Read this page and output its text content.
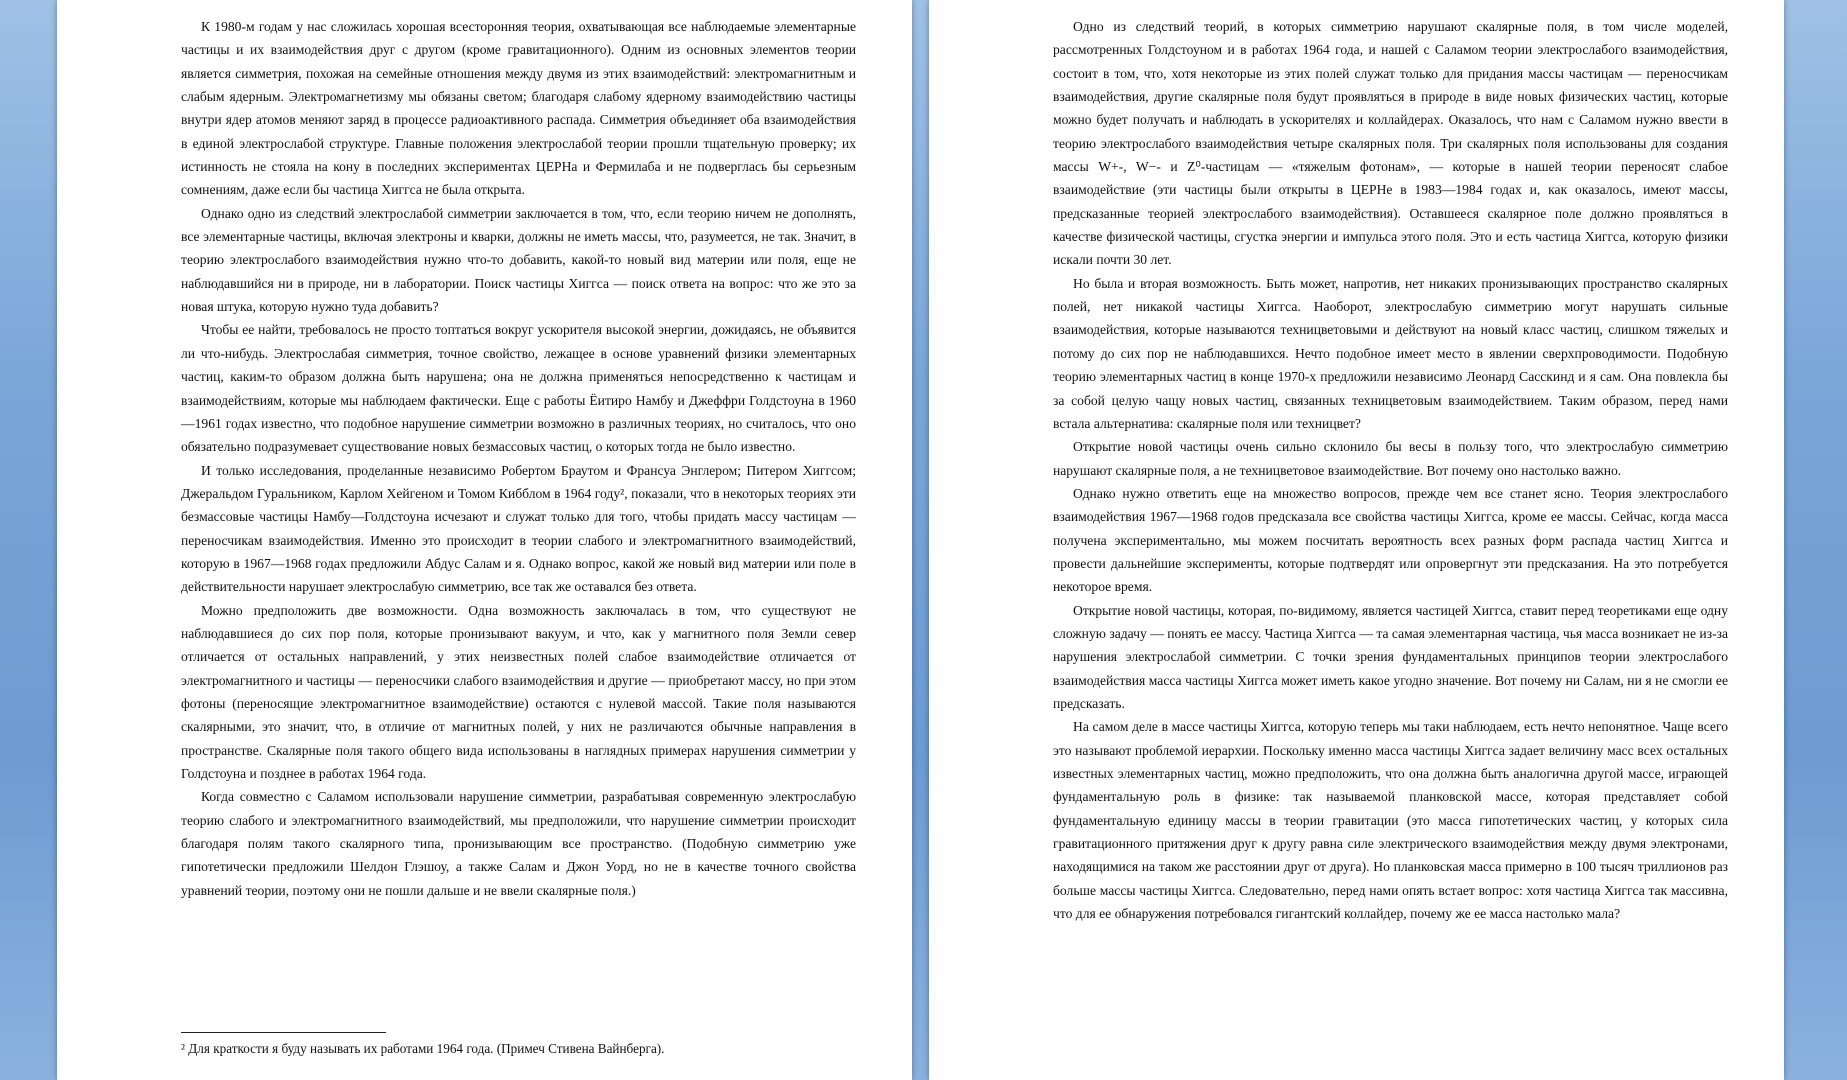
К 1980-м годам у нас сложилась хорошая всесторонняя теория, охватывающая все наблюдаемые элементарные частицы и их взаимодействия друг с другом (кроме гравитационного). Одним из основных элементов теории является симметрия, похожая на семейные отношения между двумя из этих взаимодействий: электромагнитным и слабым ядерным. Электромагнетизму мы обязаны светом; благодаря слабому ядерному взаимодействию частицы внутри ядер атомов меняют заряд в процессе радиоактивного распада. Симметрия объединяет оба взаимодействия в единой электрослабой структуре. Главные положения электрослабой теории прошли тщательную проверку; их истинность не стояла на кону в последних экспериментах ЦЕРНа и Фермилаба и не подверглась бы серьезным сомнениям, даже если бы частица Хиггса не была открыта.

Однако одно из следствий электрослабой симметрии заключается в том, что, если теорию ничем не дополнять, все элементарные частицы, включая электроны и кварки, должны не иметь массы, что, разумеется, не так. Значит, в теорию электрослабого взаимодействия нужно что-то добавить, какой-то новый вид материи или поля, еще не наблюдавшийся ни в природе, ни в лаборатории. Поиск частицы Хиггса — поиск ответа на вопрос: что же это за новая штука, которую нужно туда добавить?

Чтобы ее найти, требовалось не просто топтаться вокруг ускорителя высокой энергии, дожидаясь, не объявится ли что-нибудь. Электрослабая симметрия, точное свойство, лежащее в основе уравнений физики элементарных частиц, каким-то образом должна быть нарушена; она не должна применяться непосредственно к частицам и взаимодействиям, которые мы наблюдаем фактически. Еще с работы Ёитиро Намбу и Джеффри Голдстоуна в 1960—1961 годах известно, что подобное нарушение симметрии возможно в различных теориях, но считалось, что оно обязательно подразумевает существование новых безмассовых частиц, о которых тогда не было известно.

И только исследования, проделанные независимо Робертом Браутом и Франсуа Энглером; Питером Хиггсом; Джеральдом Гуральником, Карлом Хейгеном и Томом Кибблом в 1964 году², показали, что в некоторых теориях эти безмассовые частицы Намбу—Голдстоуна исчезают и служат только для того, чтобы придать массу частицам — переносчикам взаимодействия. Именно это происходит в теории слабого и электромагнитного взаимодействий, которую в 1967—1968 годах предложили Абдус Салам и я. Однако вопрос, какой же новый вид материи или поле в действительности нарушает электрослабую симметрию, все так же оставался без ответа.

Можно предположить две возможности. Одна возможность заключалась в том, что существуют не наблюдавшиеся до сих пор поля, которые пронизывают вакуум, и что, как у магнитного поля Земли север отличается от остальных направлений, у этих неизвестных полей слабое взаимодействие отличается от электромагнитного и частицы — переносчики слабого взаимодействия и другие — приобретают массу, но при этом фотоны (переносящие электромагнитное взаимодействие) остаются с нулевой массой. Такие поля называются скалярными, это значит, что, в отличие от магнитных полей, у них не различаются обычные направления в пространстве. Скалярные поля такого общего вида использованы в наглядных примерах нарушения симметрии у Голдстоуна и позднее в работах 1964 года.

Когда совместно с Саламом использовали нарушение симметрии, разрабатывая современную электрослабую теорию слабого и электромагнитного взаимодействий, мы предположили, что нарушение симметрии происходит благодаря полям такого скалярного типа, пронизывающим все пространство. (Подобную симметрию уже гипотетически предложили Шелдон Глэшоу, а также Салам и Джон Уорд, но не в качестве точного свойства уравнений теории, поэтому они не пошли дальше и не ввели скалярные поля.)

² Для краткости я буду называть их работами 1964 года. (Примеч Стивена Вайнберга).

Одно из следствий теорий, в которых симметрию нарушают скалярные поля, в том числе моделей, рассмотренных Голдстоуном и в работах 1964 года, и нашей с Саламом теории электрослабого взаимодействия, состоит в том, что, хотя некоторые из этих полей служат только для придания массы частицам — переносчикам взаимодействия, другие скалярные поля будут проявляться в природе в виде новых физических частиц, которые можно будет получать и наблюдать в ускорителях и коллайдерах. Оказалось, что нам с Саламом нужно ввести в теорию электрослабого взаимодействия четыре скалярных поля. Три скалярных поля использованы для создания массы W+-, W−- и Z⁰-частицам — «тяжелым фотонам», — которые в нашей теории переносят слабое взаимодействие (эти частицы были открыты в ЦЕРНе в 1983—1984 годах и, как оказалось, имеют массы, предсказанные теорией электрослабого взаимодействия). Оставшееся скалярное поле должно проявляться в качестве физической частицы, сгустка энергии и импульса этого поля. Это и есть частица Хиггса, которую физики искали почти 30 лет.

Но была и вторая возможность. Быть может, напротив, нет никаких пронизывающих пространство скалярных полей, нет никакой частицы Хиггса. Наоборот, электрослабую симметрию могут нарушать сильные взаимодействия, которые называются техницветовыми и действуют на новый класс частиц, слишком тяжелых и потому до сих пор не наблюдавшихся. Нечто подобное имеет место в явлении сверхпроводимости. Подобную теорию элементарных частиц в конце 1970-х предложили независимо Леонард Сасскинд и я сам. Она повлекла бы за собой целую чащу новых частиц, связанных техницветовым взаимодействием. Таким образом, перед нами встала альтернатива: скалярные поля или техницвет?

Открытие новой частицы очень сильно склонило бы весы в пользу того, что электрослабую симметрию нарушают скалярные поля, а не техницветовое взаимодействие. Вот почему оно настолько важно.

Однако нужно ответить еще на множество вопросов, прежде чем все станет ясно. Теория электрослабого взаимодействия 1967—1968 годов предсказала все свойства частицы Хиггса, кроме ее массы. Сейчас, когда масса получена экспериментально, мы можем посчитать вероятность всех разных форм распада частиц Хиггса и провести дальнейшие эксперименты, которые подтвердят или опровергнут эти предсказания. На это потребуется некоторое время.

Открытие новой частицы, которая, по-видимому, является частицей Хиггса, ставит перед теоретиками еще одну сложную задачу — понять ее массу. Частица Хиггса — та самая элементарная частица, чья масса возникает не из-за нарушения электрослабой симметрии. С точки зрения фундаментальных принципов теории электрослабого взаимодействия масса частицы Хиггса может иметь какое угодно значение. Вот почему ни Салам, ни я не смогли ее предсказать.

На самом деле в массе частицы Хиггса, которую теперь мы таки наблюдаем, есть нечто непонятное. Чаще всего это называют проблемой иерархии. Поскольку именно масса частицы Хиггса задает величину масс всех остальных известных элементарных частиц, можно предположить, что она должна быть аналогична другой массе, играющей фундаментальную роль в физике: так называемой планковской массе, которая представляет собой фундаментальную единицу массы в теории гравитации (это масса гипотетических частиц, у которых сила гравитационного притяжения друг к другу равна силе электрического взаимодействия между двумя электронами, находящимися на таком же расстоянии друг от друга). Но планковская масса примерно в 100 тысяч триллионов раз больше массы частицы Хиггса. Следовательно, перед нами опять встает вопрос: хотя частица Хиггса так массивна, что для ее обнаружения потребовался гигантский коллайдер, почему же ее масса настолько мала?
